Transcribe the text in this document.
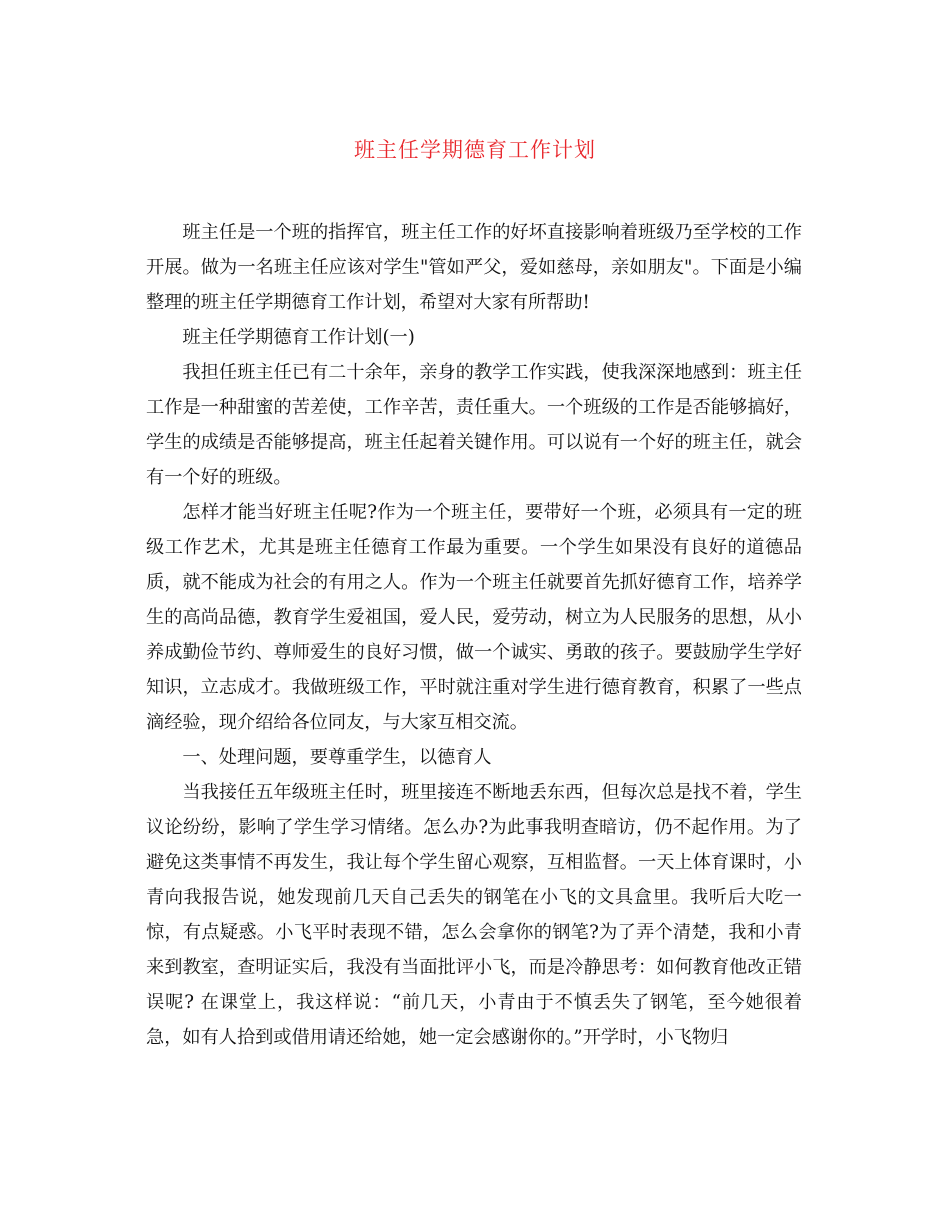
班主任学期德育工作计划

班主任是一个班的指挥官，班主任工作的好坏直接影响着班级乃至学校的工作开展。做为一名班主任应该对学生"管如严父，爱如慈母，亲如朋友"。下面是小编整理的班主任学期德育工作计划，希望对大家有所帮助!

班主任学期德育工作计划(一)

我担任班主任已有二十余年，亲身的教学工作实践，使我深深地感到：班主任工作是一种甜蜜的苦差使，工作辛苦，责任重大。一个班级的工作是否能够搞好，学生的成绩是否能够提高，班主任起着关键作用。可以说有一个好的班主任，就会有一个好的班级。

怎样才能当好班主任呢?作为一个班主任，要带好一个班，必须具有一定的班级工作艺术，尤其是班主任德育工作最为重要。一个学生如果没有良好的道德品质，就不能成为社会的有用之人。作为一个班主任就要首先抓好德育工作，培养学生的高尚品德，教育学生爱祖国，爱人民，爱劳动，树立为人民服务的思想，从小养成勤俭节约、尊师爱生的良好习惯，做一个诚实、勇敢的孩子。要鼓励学生学好知识，立志成才。我做班级工作，平时就注重对学生进行德育教育，积累了一些点滴经验，现介绍给各位同友，与大家互相交流。

一、处理问题，要尊重学生，以德育人

当我接任五年级班主任时，班里接连不断地丢东西，但每次总是找不着，学生议论纷纷，影响了学生学习情绪。怎么办?为此事我明查暗访，仍不起作用。为了避免这类事情不再发生，我让每个学生留心观察，互相监督。一天上体育课时，小青向我报告说，她发现前几天自己丢失的钢笔在小飞的文具盒里。我听后大吃一惊，有点疑惑。小飞平时表现不错，怎么会拿你的钢笔?为了弄个清楚，我和小青来到教室，查明证实后，我没有当面批评小飞，而是冷静思考：如何教育他改正错误呢? 在课堂上，我这样说：“前几天，小青由于不慎丢失了钢笔，至今她很着急，如有人拾到或借用请还给她，她一定会感谢你的。”开学时，小飞物归
